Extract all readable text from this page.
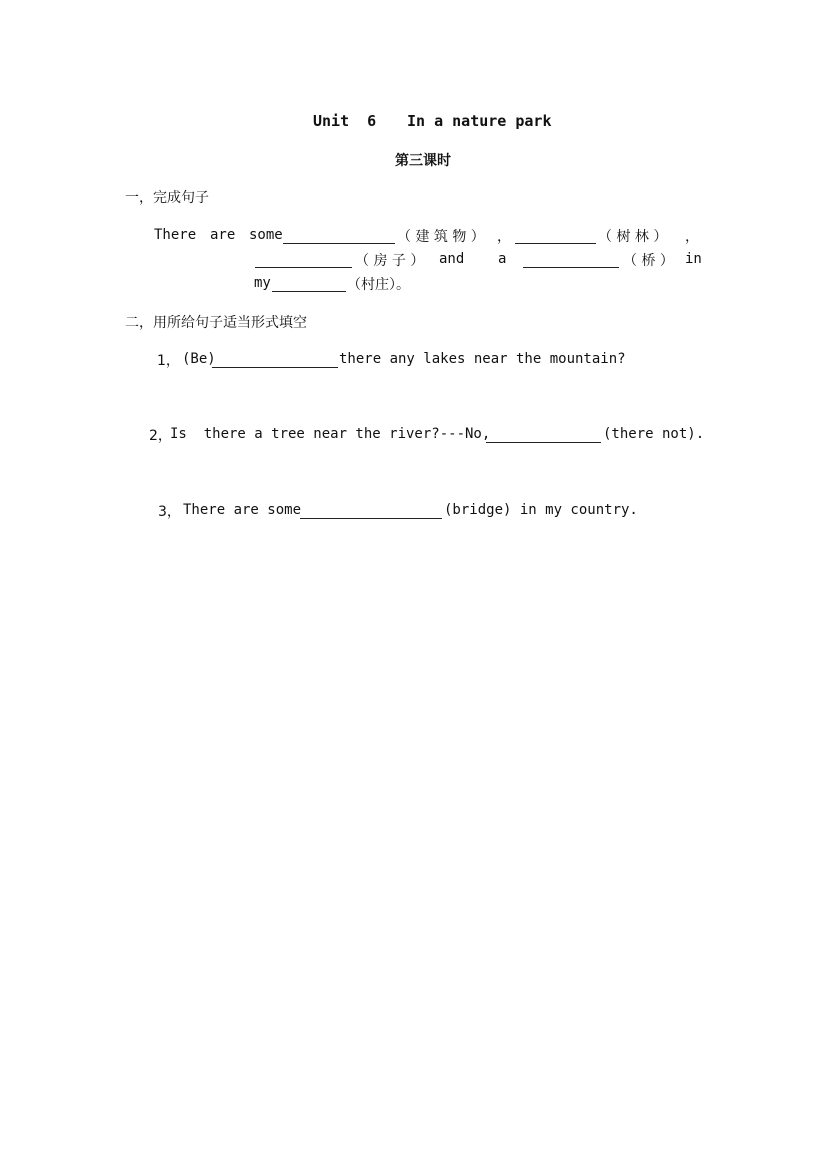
Unit  6 In a nature park
第三课时
一，完成句子
There are some	（ 建 筑 物 ） ，	（ 树 林 ） ，
（ 房 子 ） and a	（ 桥 ） in
my	（村庄）。
二，用所给句子适当形式填空
1， (Be)	there any lakes near the mountain?
2，
Is  there a tree near the river?---No,	(there not).
3， There are some	(bridge) in my country.
